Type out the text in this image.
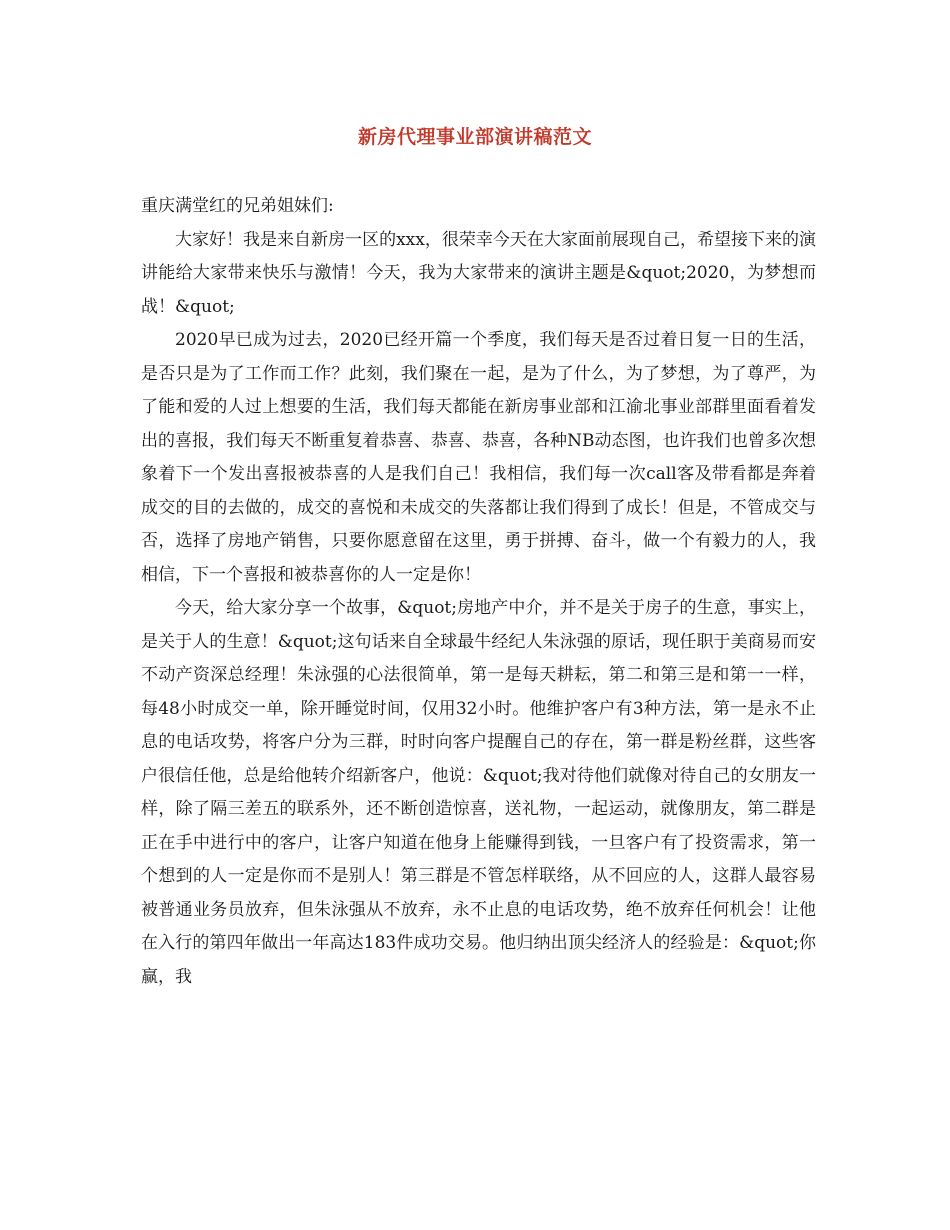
新房代理事业部演讲稿范文

重庆满堂红的兄弟姐妹们:

大家好！我是来自新房一区的xxx，很荣幸今天在大家面前展现自己，希望接下来的演讲能给大家带来快乐与激情！今天，我为大家带来的演讲主题是&quot;2020，为梦想而战！&quot;

2020早已成为过去，2020已经开篇一个季度，我们每天是否过着日复一日的生活，是否只是为了工作而工作？此刻，我们聚在一起，是为了什么，为了梦想，为了尊严，为了能和爱的人过上想要的生活，我们每天都能在新房事业部和江渝北事业部群里面看着发出的喜报，我们每天不断重复着恭喜、恭喜、恭喜，各种NB动态图，也许我们也曾多次想象着下一个发出喜报被恭喜的人是我们自己！我相信，我们每一次call客及带看都是奔着成交的目的去做的，成交的喜悦和未成交的失落都让我们得到了成长！但是，不管成交与否，选择了房地产销售，只要你愿意留在这里，勇于拼搏、奋斗，做一个有毅力的人，我相信，下一个喜报和被恭喜你的人一定是你！

今天，给大家分享一个故事，&quot;房地产中介，并不是关于房子的生意，事实上，是关于人的生意！&quot;这句话来自全球最牛经纪人朱泳强的原话，现任职于美商易而安不动产资深总经理！朱泳强的心法很简单，第一是每天耕耘，第二和第三是和第一一样，每48小时成交一单，除开睡觉时间，仅用32小时。他维护客户有3种方法，第一是永不止息的电话攻势，将客户分为三群，时时向客户提醒自己的存在，第一群是粉丝群，这些客户很信任他，总是给他转介绍新客户，他说：&quot;我对待他们就像对待自己的女朋友一样，除了隔三差五的联系外，还不断创造惊喜，送礼物，一起运动，就像朋友，第二群是正在手中进行中的客户，让客户知道在他身上能赚得到钱，一旦客户有了投资需求，第一个想到的人一定是你而不是别人！第三群是不管怎样联络，从不回应的人，这群人最容易被普通业务员放弃，但朱泳强从不放弃，永不止息的电话攻势，绝不放弃任何机会！让他在入行的第四年做出一年高达183件成功交易。他归纳出顶尖经济人的经验是：&quot;你赢，我
